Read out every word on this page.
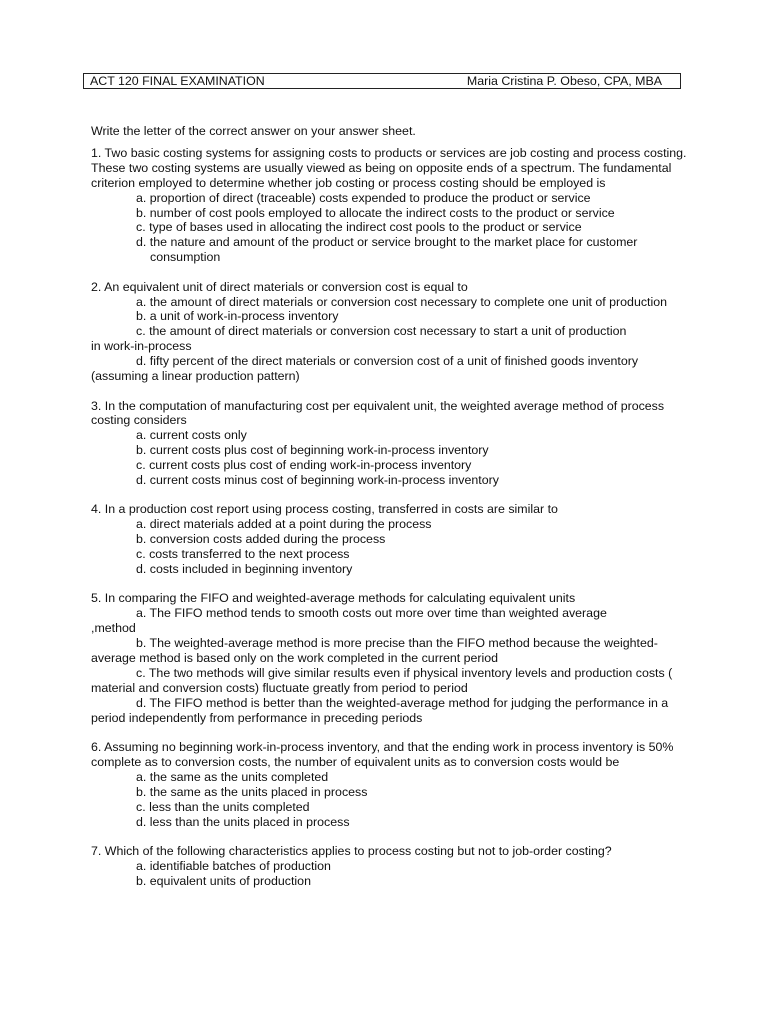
ACT 120 FINAL EXAMINATION	Maria Cristina P. Obeso, CPA, MBA

Write the letter of the correct answer on your answer sheet.

1. Two basic costing systems for assigning costs to products or services are job costing and process costing. These two costing systems are usually viewed as being on opposite ends of a spectrum. The fundamental criterion employed to determine whether job costing or process costing should be employed is

a. proportion of direct (traceable) costs expended to produce the product or service

b. number of cost pools employed to allocate the indirect costs to the product or service

c. type of bases used in allocating the indirect cost pools to the product or service

d. the nature and amount of the product or service brought to the market place for customer consumption

2. An equivalent unit of direct materials or conversion cost is equal to

a. the amount of direct materials or conversion cost necessary to complete one unit of production

b. a unit of work-in-process inventory

c. the amount of direct materials or conversion cost necessary to start a unit of production in work-in-process

d. fifty percent of the direct materials or conversion cost of a unit of finished goods inventory (assuming a linear production pattern)

3. In the computation of manufacturing cost per equivalent unit, the weighted average method of process costing considers

a. current costs only

b. current costs plus cost of beginning work-in-process inventory

c. current costs plus cost of ending work-in-process inventory

d. current costs minus cost of beginning work-in-process inventory

4. In a production cost report using process costing, transferred in costs are similar to

a. direct materials added at a point during the process

b. conversion costs added during the process

c. costs transferred to the next process

d. costs included in beginning inventory

5. In comparing the FIFO and weighted-average methods for calculating equivalent units

a. The FIFO method tends to smooth costs out more over time than weighted average ,method

b. The weighted-average method is more precise than the FIFO method because the weighted-average method is based only on the work completed in the current period

c. The two methods will give similar results even if physical inventory levels and production costs ( material and conversion costs) fluctuate greatly from period to period

d. The FIFO method is better than the weighted-average method for judging the performance in a period independently from performance in preceding periods

6. Assuming no beginning work-in-process inventory, and that the ending work in process inventory is 50% complete as to conversion costs, the number of equivalent units as to conversion costs would be

a. the same as the units completed

b. the same as the units placed in process

c. less than the units completed

d. less than the units placed in process

7. Which of the following characteristics applies to process costing but not to job-order costing?

a. identifiable batches of production

b. equivalent units of production
